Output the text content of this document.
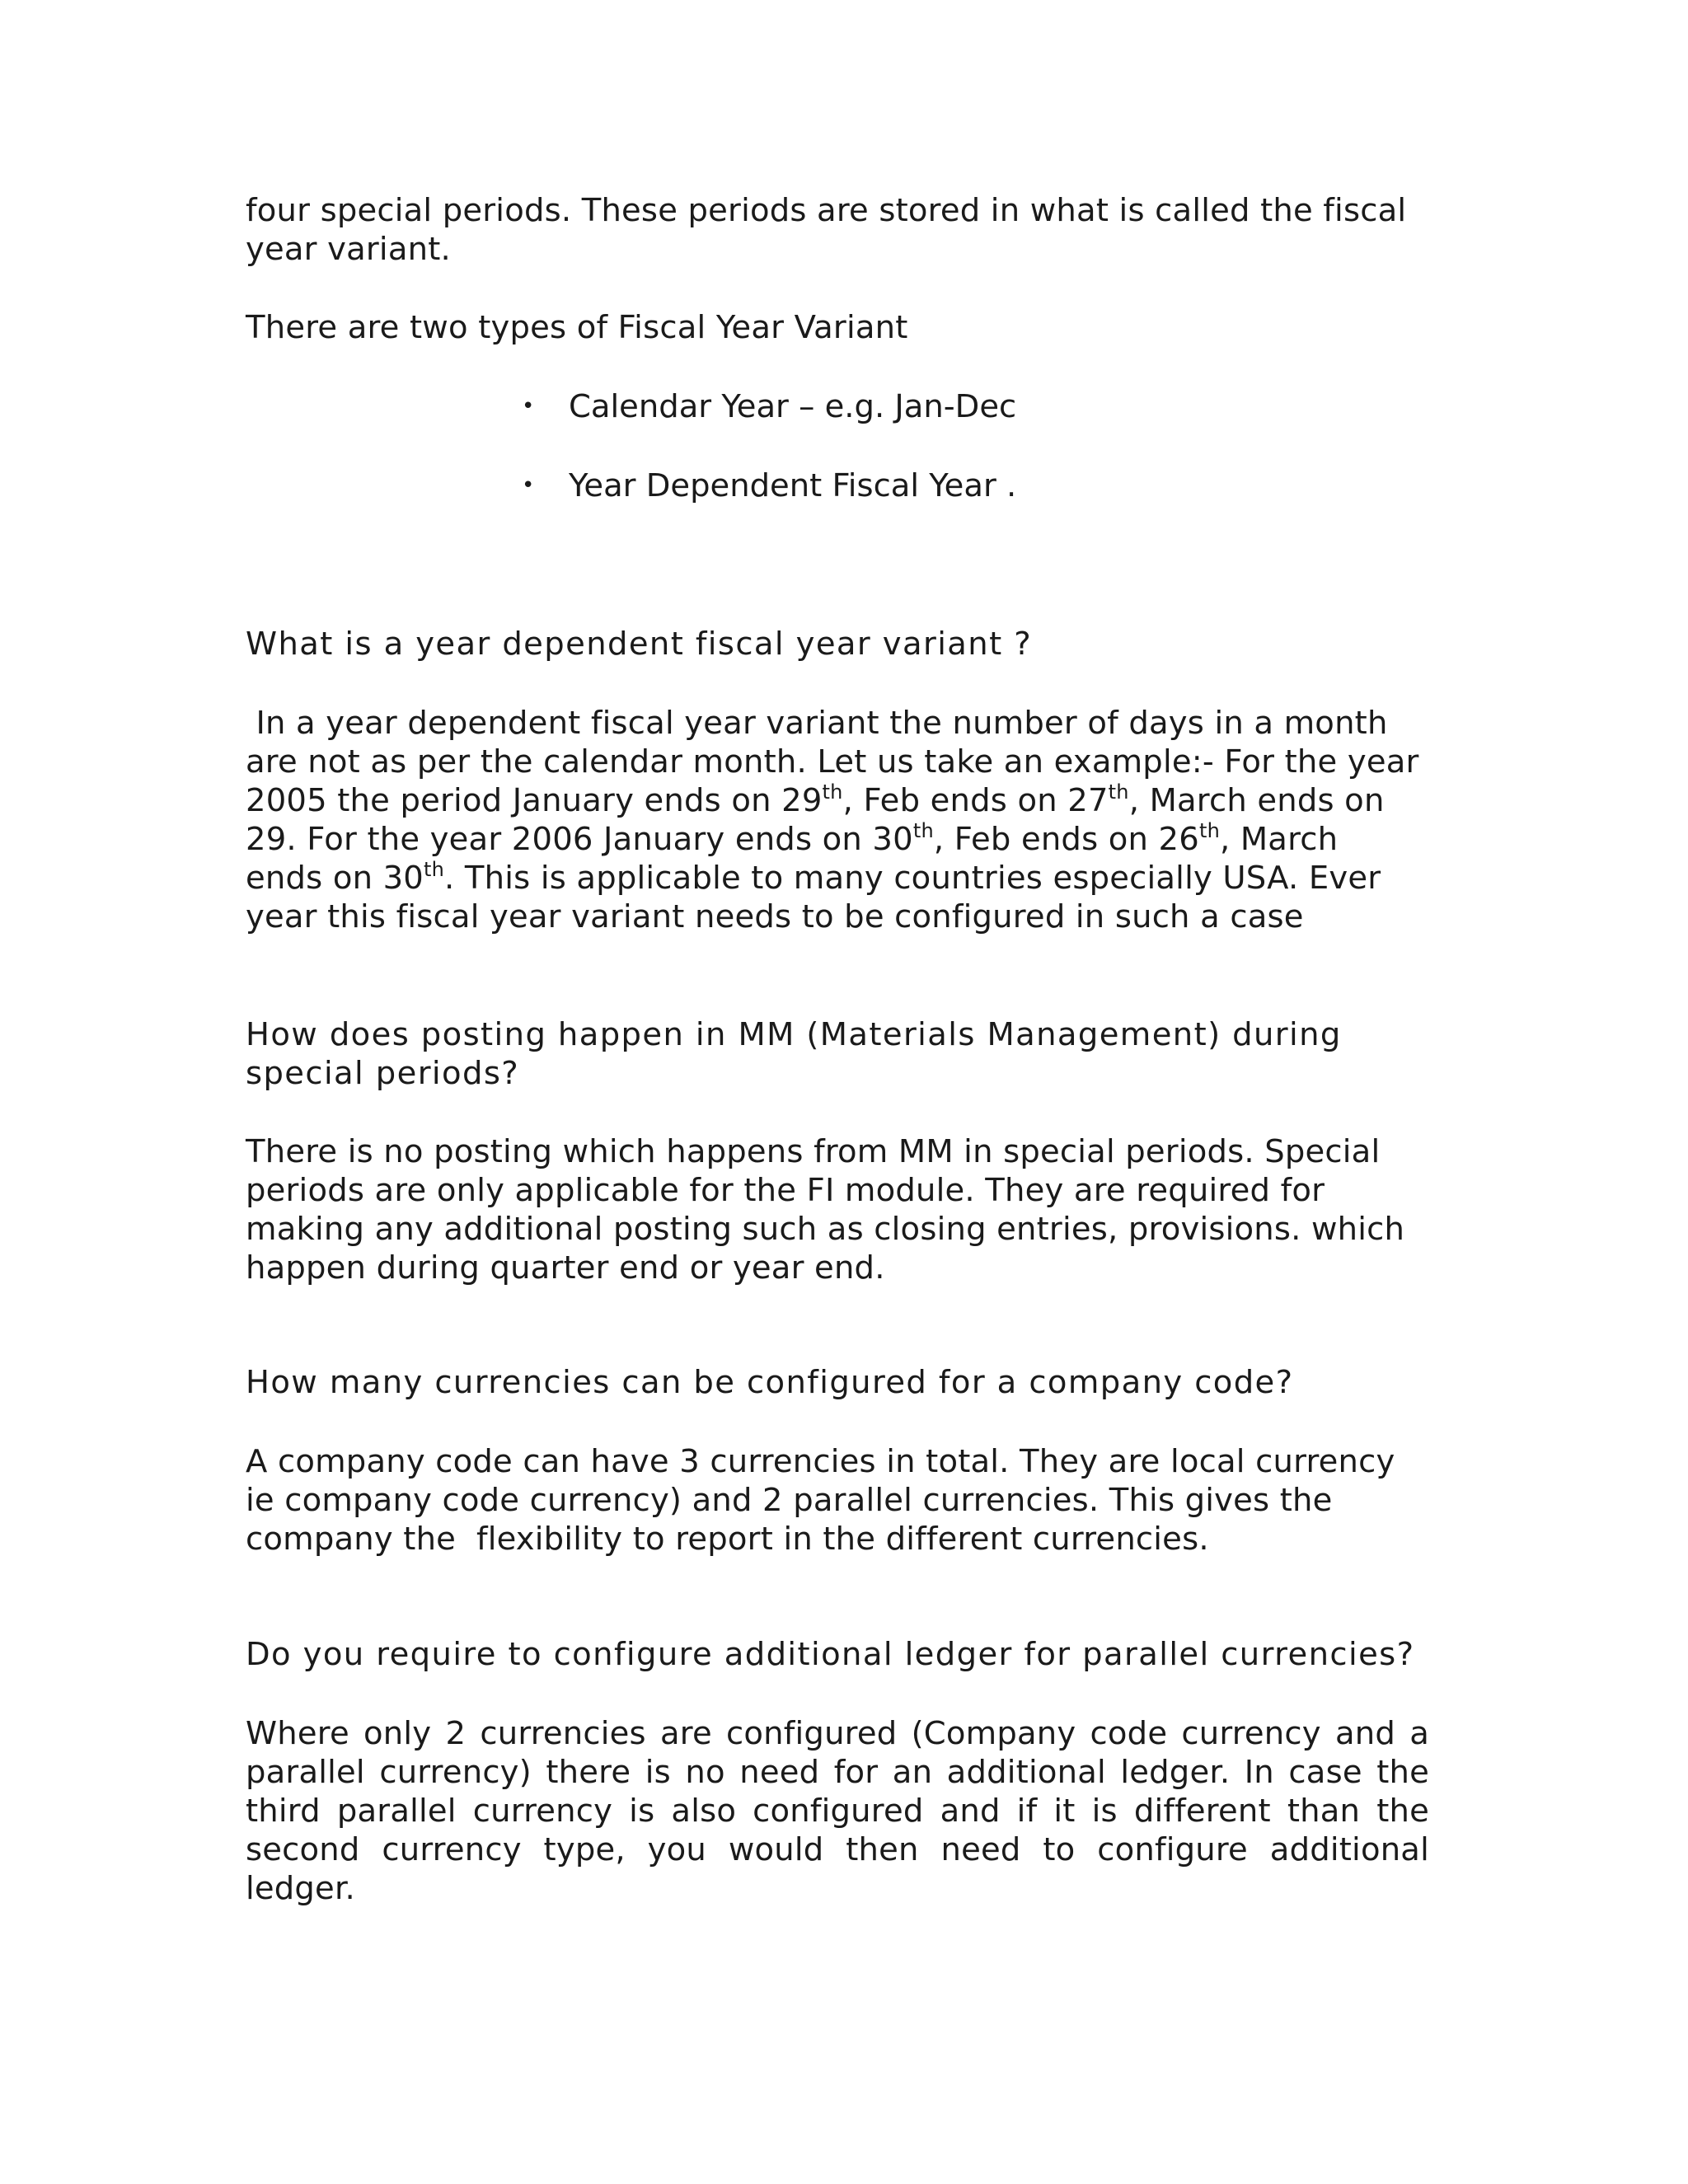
four special periods. These periods are stored in what is called the fiscal

year variant.

There are two types of Fiscal Year Variant

• Calendar Year – e.g. Jan-Dec
• Year Dependent Fiscal Year .

What is a year dependent fiscal year variant ?

In a year dependent fiscal year variant the number of days in a month

are not as per the calendar month. Let us take an example:- For the year

2005 the period January ends on 29th, Feb ends on 27th, March ends on

29. For the year 2006 January ends on 30th, Feb ends on 26th, March

ends on 30th. This is applicable to many countries especially USA. Ever

year this fiscal year variant needs to be configured in such a case

How does posting happen in MM (Materials Management) during

special periods?

There is no posting which happens from MM in special periods. Special

periods are only applicable for the FI module. They are required for

making any additional posting such as closing entries, provisions. which

happen during quarter end or year end.

How many currencies can be configured for a company code?

A company code can have 3 currencies in total. They are local currency

ie company code currency) and 2 parallel currencies. This gives the

company the  flexibility to report in the different currencies.

Do you require to configure additional ledger for parallel currencies?

Where only 2 currencies are configured (Company code currency and a parallel currency) there is no need for an additional ledger. In case the third parallel currency is also configured and if it is different than the second currency type, you would then need to configure additional ledger.
